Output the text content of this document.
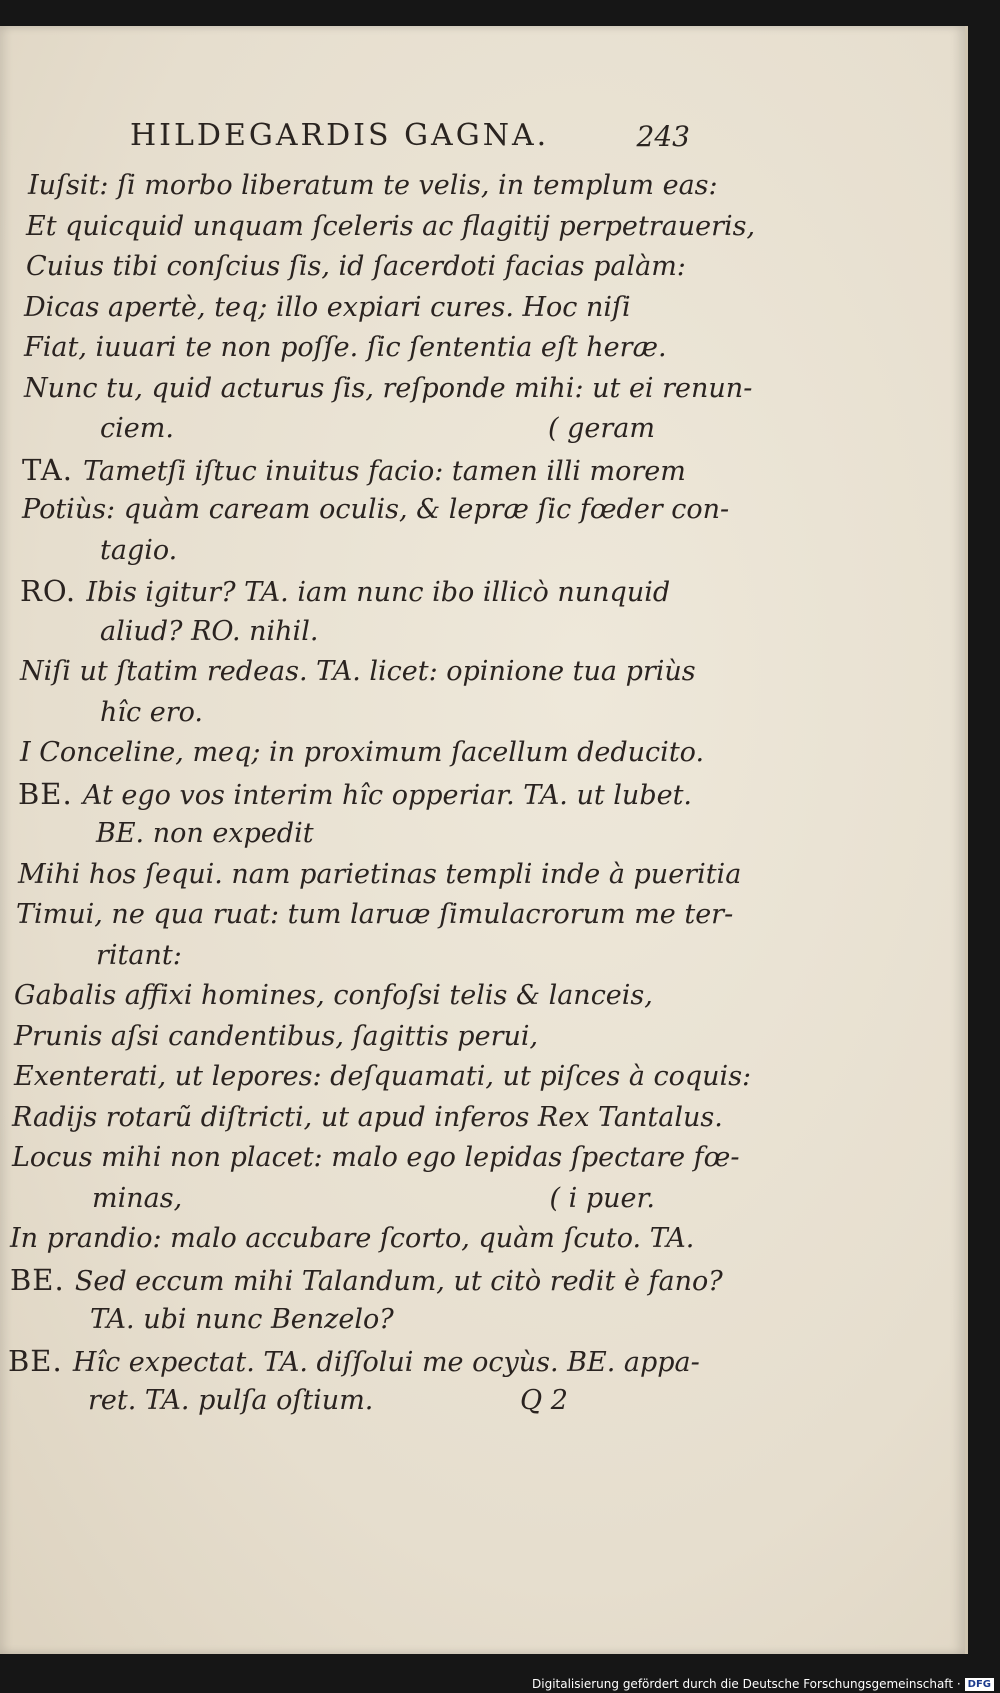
HILDEGARDIS GAGNA.	243
Iuſsit: ſi morbo liberatum te velis, in templum eas:
Et quicquid unquam ſceleris ac flagitij perpetraueris,
Cuius tibi conſcius ſis, id ſacerdoti facias palàm:
Dicas apertè, teq; illo expiari cures. Hoc niſi
Fiat, iuuari te non poſſe. ſic ſententia eſt heræ.
Nunc tu, quid acturus ſis, reſponde mihi: ut ei renun-
ciem.	( geram
TA. Tametſi iſtuc inuitus facio: tamen illi morem
Potiùs: quàm caream oculis, & lepræ ſic fœder con-
tagio.
RO. Ibis igitur? TA. iam nunc ibo illicò nunquid
aliud? RO. nihil.
Niſi ut ſtatim redeas. TA. licet: opinione tua priùs
hîc ero.
I Conceline, meq; in proximum ſacellum deducito.
BE. At ego vos interim hîc opperiar. TA. ut lubet.
BE. non expedit
Mihi hos ſequi. nam parietinas templi inde à pueritia
Timui, ne qua ruat: tum laruæ ſimulacrorum me ter-
ritant:
Gabalis affixi homines, confoſsi telis & lanceis,
Prunis aſsi candentibus, ſagittis perui,
Exenterati, ut lepores: deſquamati, ut piſces à coquis:
Radijs rotarũ diſtricti, ut apud inferos Rex Tantalus.
Locus mihi non placet: malo ego lepidas ſpectare fœ-
minas,	( i puer.
In prandio: malo accubare ſcorto, quàm ſcuto. TA.
BE. Sed eccum mihi Talandum, ut citò redit è fano?
TA. ubi nunc Benzelo?
BE. Hîc expectat. TA. diſſolui me ocyùs. BE. appa-
ret. TA. pulſa oſtium.	Q 2
Digitalisierung gefördert durch die Deutsche Forschungsgemeinschaft · DFG
